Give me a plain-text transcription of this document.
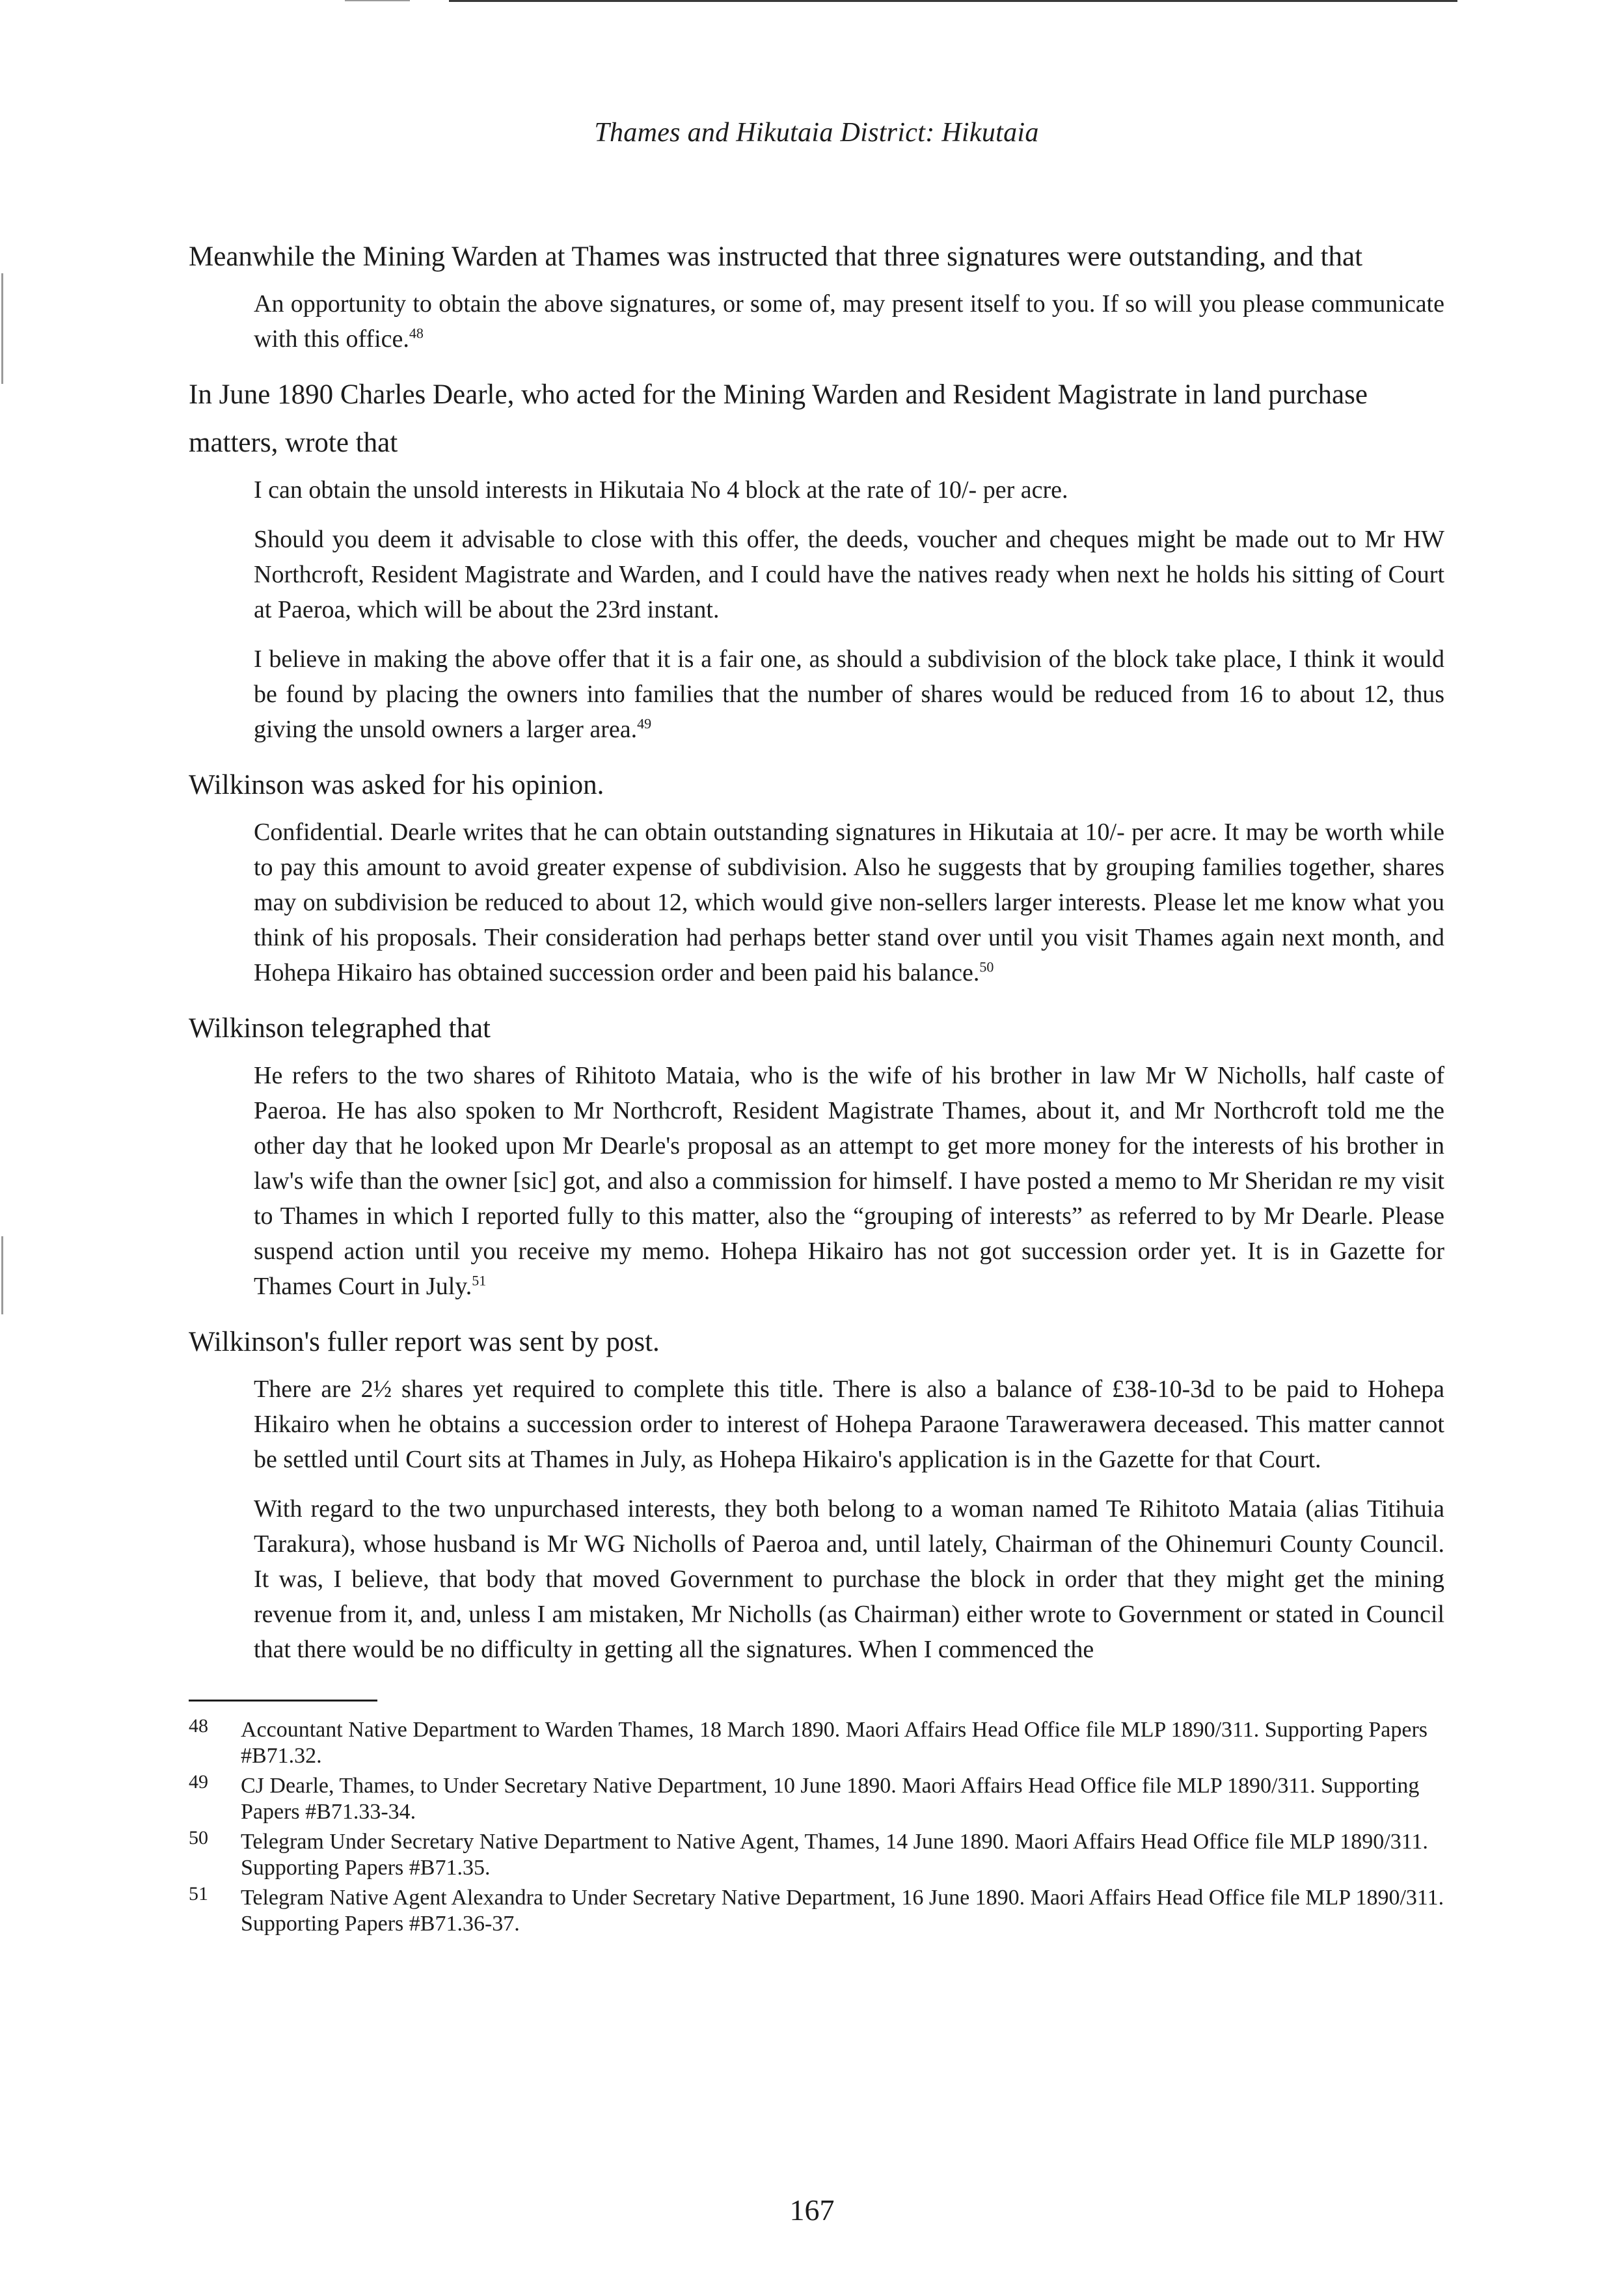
Thames and Hikutaia District: Hikutaia

Meanwhile the Mining Warden at Thames was instructed that three signatures were outstanding, and that

An opportunity to obtain the above signatures, or some of, may present itself to you. If so will you please communicate with this office.$^{48}$

In June 1890 Charles Dearle, who acted for the Mining Warden and Resident Magistrate in land purchase matters, wrote that

I can obtain the unsold interests in Hikutaia No 4 block at the rate of 10/- per acre.

Should you deem it advisable to close with this offer, the deeds, voucher and cheques might be made out to Mr HW Northcroft, Resident Magistrate and Warden, and I could have the natives ready when next he holds his sitting of Court at Paeroa, which will be about the 23rd instant.

I believe in making the above offer that it is a fair one, as should a subdivision of the block take place, I think it would be found by placing the owners into families that the number of shares would be reduced from 16 to about 12, thus giving the unsold owners a larger area.$^{49}$

Wilkinson was asked for his opinion.

Confidential. Dearle writes that he can obtain outstanding signatures in Hikutaia at 10/- per acre. It may be worth while to pay this amount to avoid greater expense of subdivision. Also he suggests that by grouping families together, shares may on subdivision be reduced to about 12, which would give non-sellers larger interests. Please let me know what you think of his proposals. Their consideration had perhaps better stand over until you visit Thames again next month, and Hohepa Hikairo has obtained succession order and been paid his balance.$^{50}$

Wilkinson telegraphed that

He refers to the two shares of Rihitoto Mataia, who is the wife of his brother in law Mr W Nicholls, half caste of Paeroa. He has also spoken to Mr Northcroft, Resident Magistrate Thames, about it, and Mr Northcroft told me the other day that he looked upon Mr Dearle's proposal as an attempt to get more money for the interests of his brother in law's wife than the owner [sic] got, and also a commission for himself. I have posted a memo to Mr Sheridan re my visit to Thames in which I reported fully to this matter, also the “grouping of interests” as referred to by Mr Dearle. Please suspend action until you receive my memo. Hohepa Hikairo has not got succession order yet. It is in Gazette for Thames Court in July.$^{51}$

Wilkinson's fuller report was sent by post.

There are 2½ shares yet required to complete this title. There is also a balance of £38-10-3d to be paid to Hohepa Hikairo when he obtains a succession order to interest of Hohepa Paraone Tarawerawera deceased. This matter cannot be settled until Court sits at Thames in July, as Hohepa Hikairo's application is in the Gazette for that Court.

With regard to the two unpurchased interests, they both belong to a woman named Te Rihitoto Mataia (alias Titihuia Tarakura), whose husband is Mr WG Nicholls of Paeroa and, until lately, Chairman of the Ohinemuri County Council. It was, I believe, that body that moved Government to purchase the block in order that they might get the mining revenue from it, and, unless I am mistaken, Mr Nicholls (as Chairman) either wrote to Government or stated in Council that there would be no difficulty in getting all the signatures. When I commenced the

48	Accountant Native Department to Warden Thames, 18 March 1890. Maori Affairs Head Office file MLP 1890/311. Supporting Papers #B71.32.
49	CJ Dearle, Thames, to Under Secretary Native Department, 10 June 1890. Maori Affairs Head Office file MLP 1890/311. Supporting Papers #B71.33-34.
50	Telegram Under Secretary Native Department to Native Agent, Thames, 14 June 1890. Maori Affairs Head Office file MLP 1890/311. Supporting Papers #B71.35.
51	Telegram Native Agent Alexandra to Under Secretary Native Department, 16 June 1890. Maori Affairs Head Office file MLP 1890/311. Supporting Papers #B71.36-37.
167
